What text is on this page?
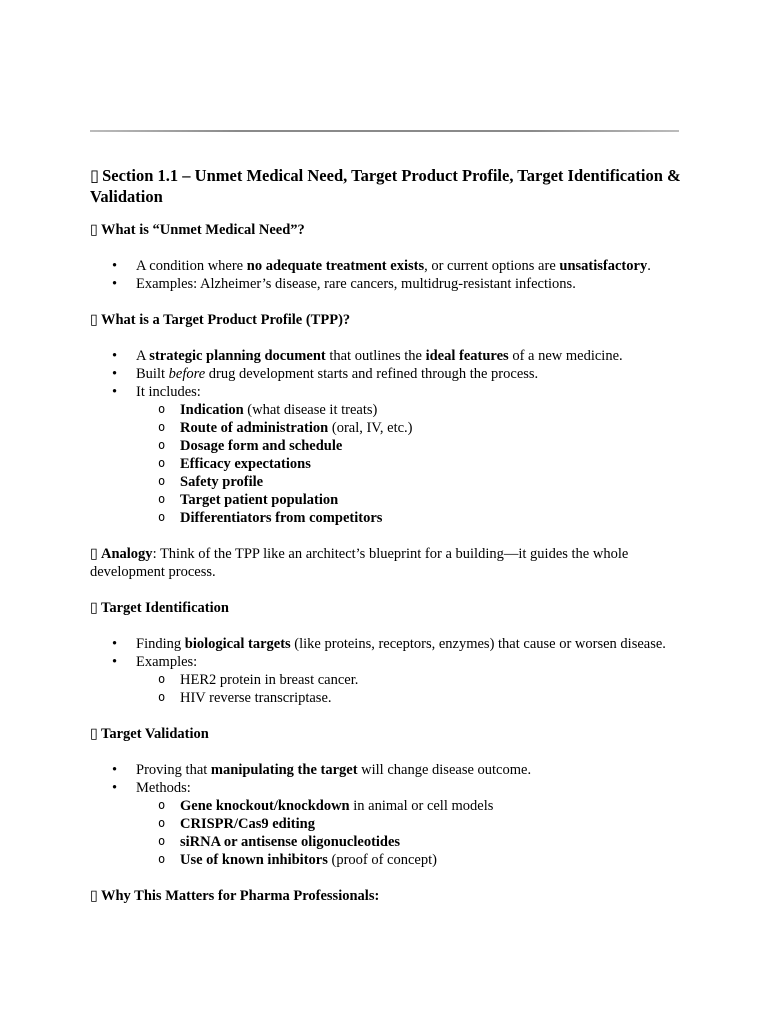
▯ Section 1.1 – Unmet Medical Need, Target Product Profile, Target Identification & Validation
▯ What is “Unmet Medical Need”?
• A condition where no adequate treatment exists, or current options are unsatisfactory.
• Examples: Alzheimer’s disease, rare cancers, multidrug-resistant infections.
▯ What is a Target Product Profile (TPP)?
• A strategic planning document that outlines the ideal features of a new medicine.
• Built before drug development starts and refined through the process.
• It includes:
o Indication (what disease it treats)
o Route of administration (oral, IV, etc.)
o Dosage form and schedule
o Efficacy expectations
o Safety profile
o Target patient population
o Differentiators from competitors

▯ Analogy: Think of the TPP like an architect’s blueprint for a building—it guides the whole development process.

▯ Target Identification
• Finding biological targets (like proteins, receptors, enzymes) that cause or worsen disease.
• Examples:
o HER2 protein in breast cancer.
o HIV reverse transcriptase.
▯ Target Validation
• Proving that manipulating the target will change disease outcome.
• Methods:
o Gene knockout/knockdown in animal or cell models
o CRISPR/Cas9 editing
o siRNA or antisense oligonucleotides
o Use of known inhibitors (proof of concept)
▯ Why This Matters for Pharma Professionals:
